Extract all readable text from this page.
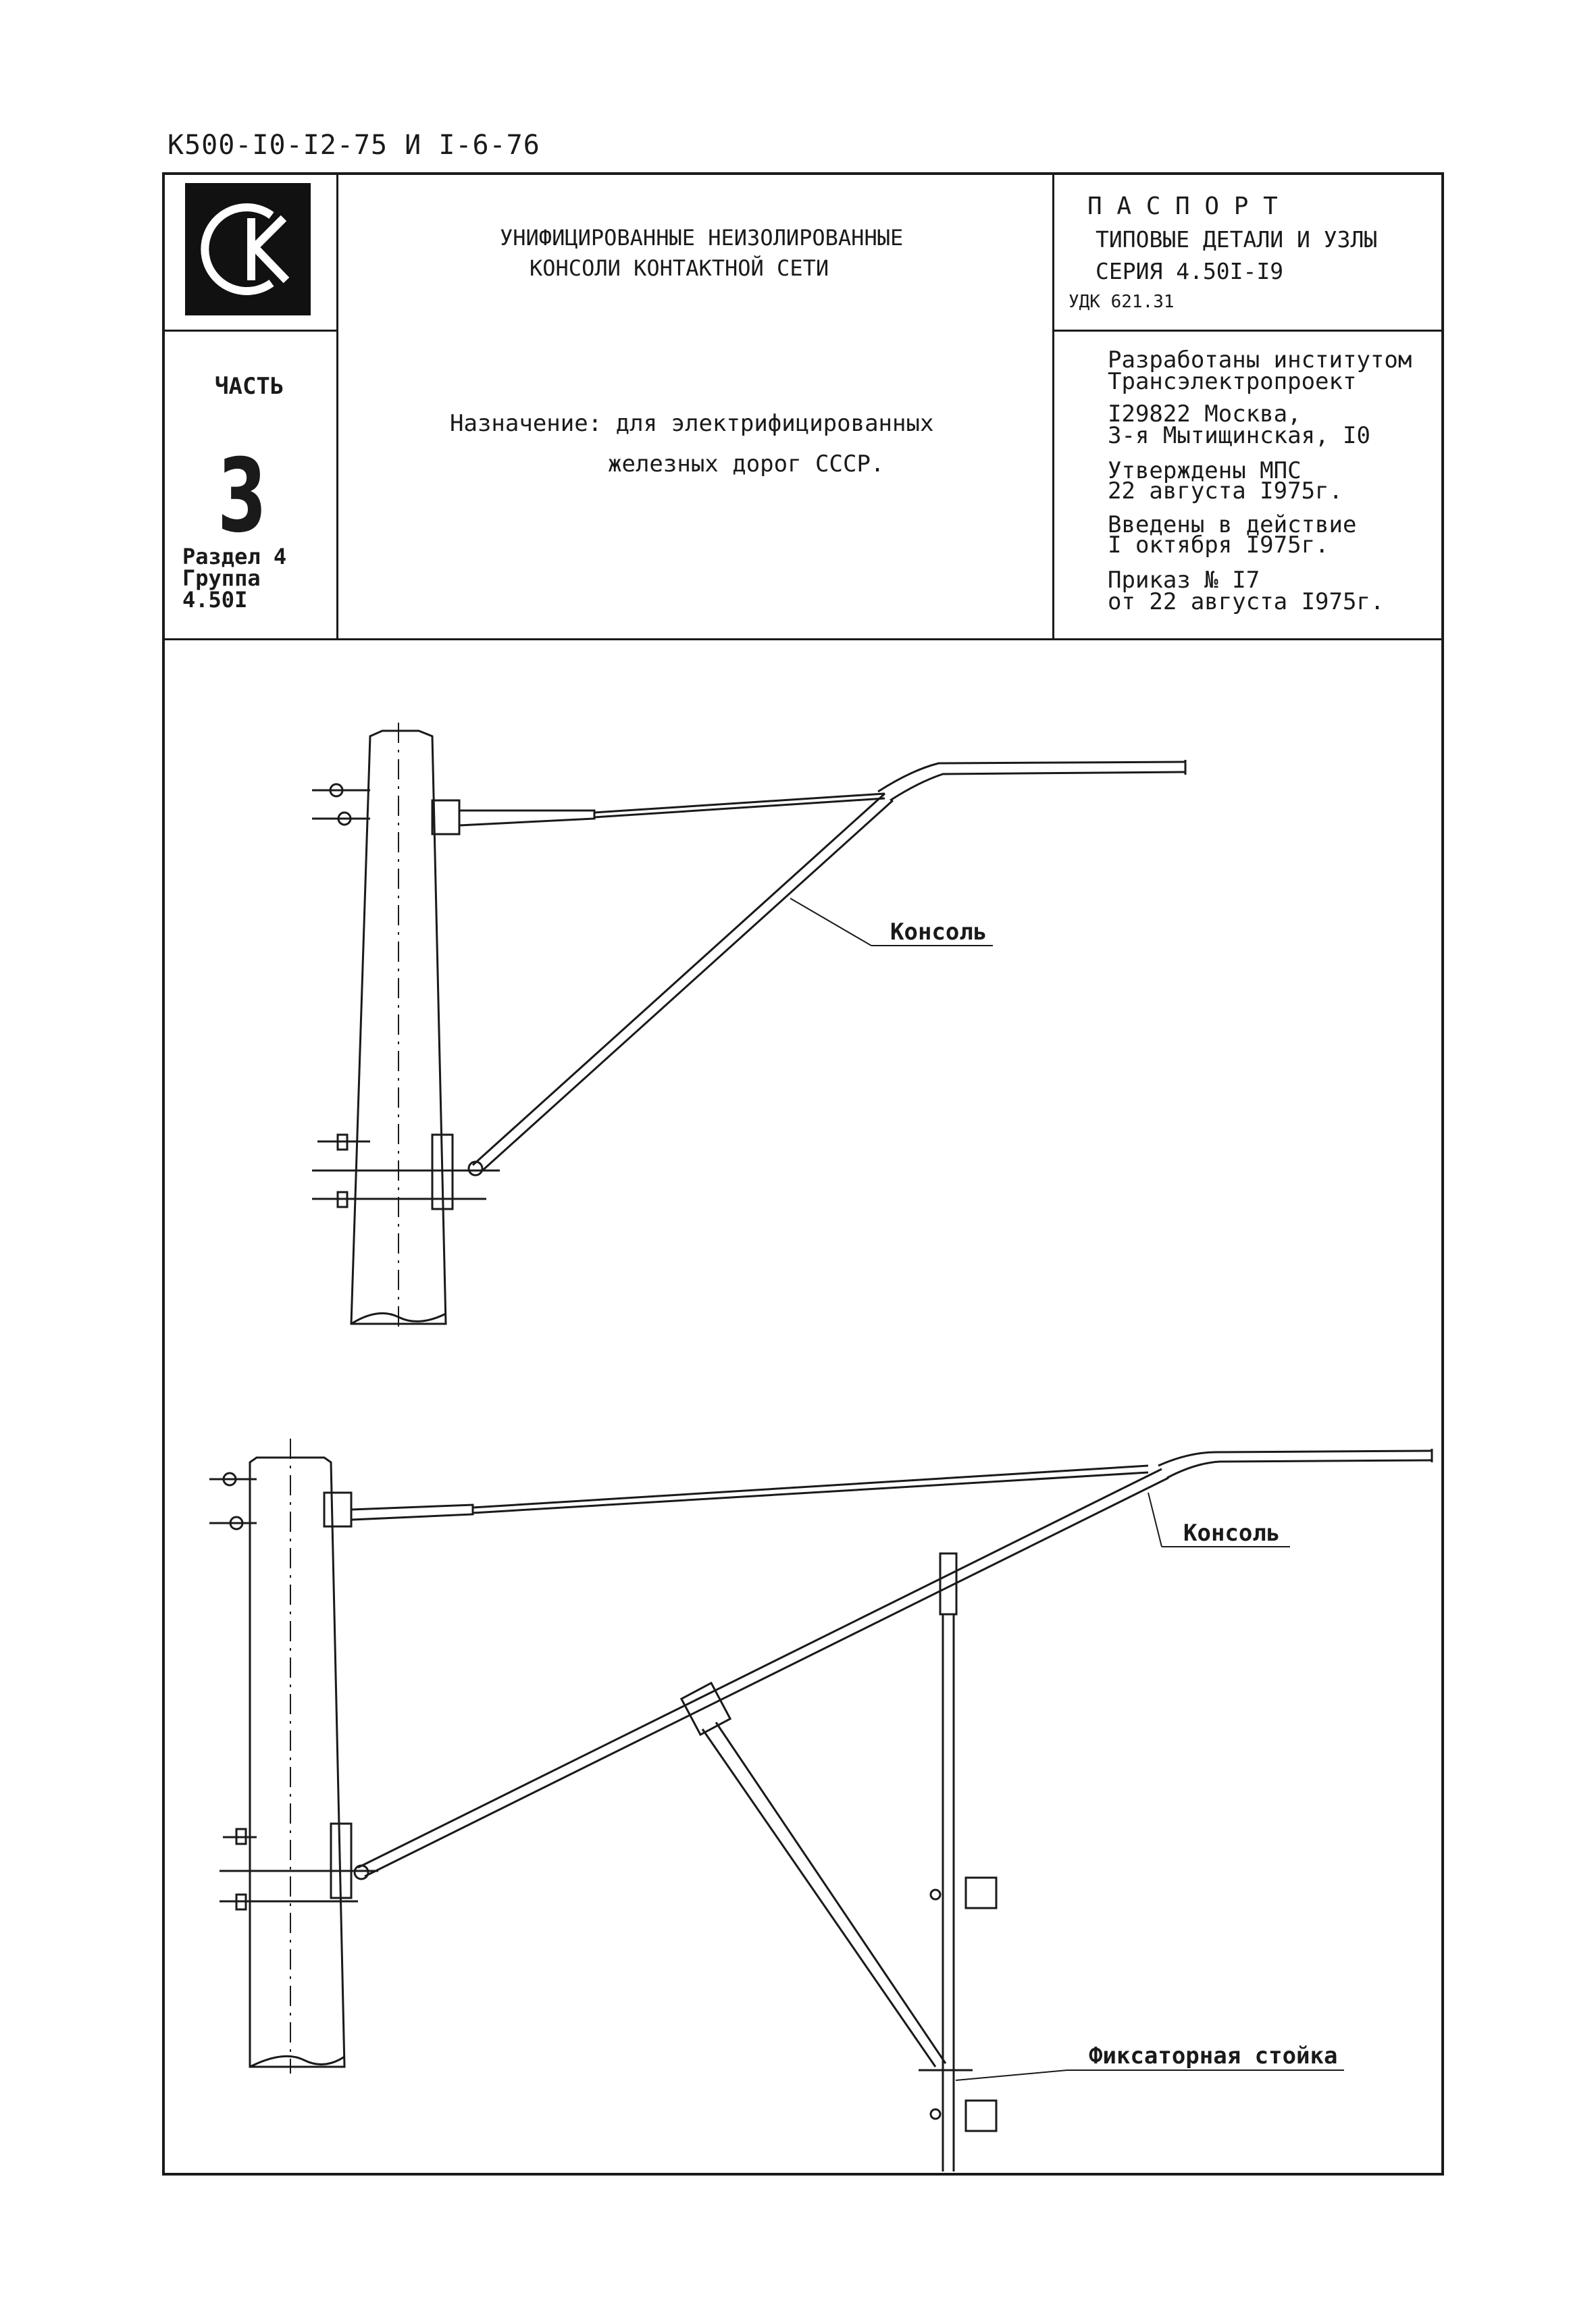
К500-I0-I2-75 И I-6-76
ЧАСТЬ
3
Раздел 4
Группа
4.50I
УНИФИЦИРОВАННЫЕ НЕИЗОЛИРОВАННЫЕ
КОНСОЛИ КОНТАКТНОЙ СЕТИ
Назначение: для электрифицированных
железных дорог СССР.
П А С П О Р Т
ТИПОВЫЕ ДЕТАЛИ И УЗЛЫ
СЕРИЯ 4.50I-I9
УДК 621.31
Разработаны институтом
Трансэлектропроект
I29822 Москва,
3-я Мытищинская, I0
Утверждены МПС
22 августа I975г.
Введены в действие
I октября I975г.
Приказ № I7
от 22 августа I975г.
Консоль
Консоль
Фиксаторная стойка
